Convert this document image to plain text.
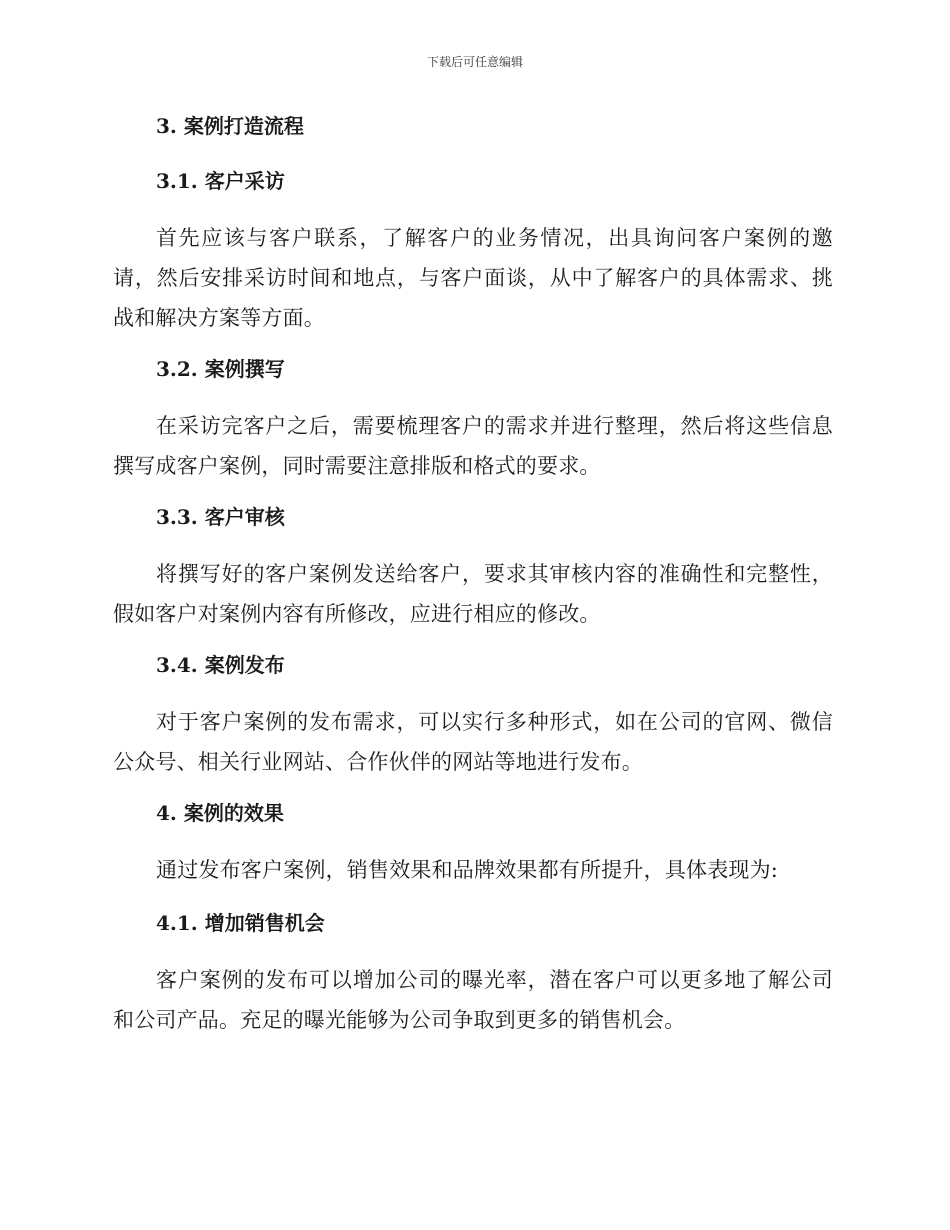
下载后可任意编辑
3. 案例打造流程
3.1. 客户采访

首先应该与客户联系，了解客户的业务情况，出具询问客户案例的邀请，然后安排采访时间和地点，与客户面谈，从中了解客户的具体需求、挑战和解决方案等方面。

3.2. 案例撰写

在采访完客户之后，需要梳理客户的需求并进行整理，然后将这些信息撰写成客户案例，同时需要注意排版和格式的要求。

3.3. 客户审核

将撰写好的客户案例发送给客户，要求其审核内容的准确性和完整性，假如客户对案例内容有所修改，应进行相应的修改。

3.4. 案例发布

对于客户案例的发布需求，可以实行多种形式，如在公司的官网、微信公众号、相关行业网站、合作伙伴的网站等地进行发布。

4. 案例的效果

通过发布客户案例，销售效果和品牌效果都有所提升，具体表现为:

4.1. 增加销售机会

客户案例的发布可以增加公司的曝光率，潜在客户可以更多地了解公司和公司产品。充足的曝光能够为公司争取到更多的销售机会。
